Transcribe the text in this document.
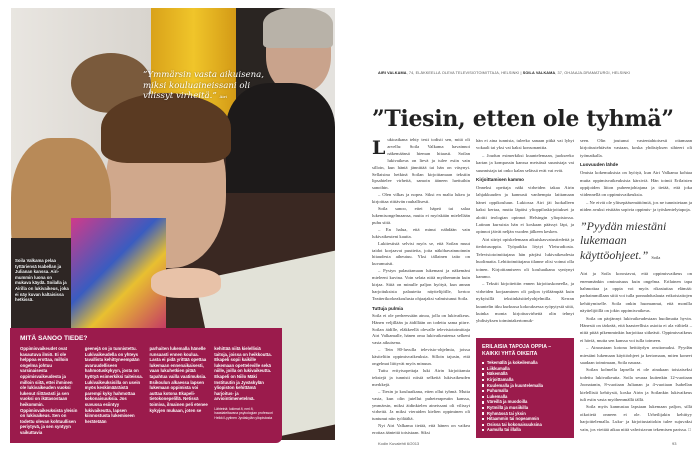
”Ymmärsin vasta aikuisena, miksi kouluaineissani oli vilissyt virheitä.” Airi
Soila Valkama pelaa tyttäriensä Isabellan ja Julianan kanssa. Airi-mummin luona on mukava käydä. Soilalla ja Airilla on lukivaikeus, joka ei näy kuvan kaltaisissa hetkissä.
MITÄ SANOO TIEDE?
Oppimisvaikeudet ovat kasautuva ilmiö. Ei ole helppoa erottaa, milloin ongelma johtuu varsinaisesta oppimisvaikeudesta ja milloin siitä, ettei ihminen ole lukivaikeuden vuoksi lukenut riittävästi ja sen vuoksi on ikätasostaan heikommin. Oppimisvaikeuksista yleisin on lukivaikeus. Sen on todettu olevan kohtuullisen periytyvä, ja sen syntyyn vaikuttavia
geenejä on jo tunnistettu. Lukivaikeudella on yhteys tavallista kehittyneempään avaruudelliseen hahmotuskykyyn, josta on hyötyä esimerkiksi taiteissa. Lukivaikeuksisilla on usein myös keskimääräistä parempi kyky hahmottaa kokonaisuuksia. Jos suvussa esiintyy lukivaikeutta, lapsen kiinnostusta lukemiseen herätetään
parhaiten lukemalla hänelle runsaasti ennen koulua. Lasta ei pidä yrittää opettaa lukemaan ennenaikaisesti, vaan lukuhetkien pitää tapahtua vailla vaatimuksia. Esikoulun alkaessa lapsen lukemaan oppimista voi auttaa kotona Ekapeli-tietokonepelillä. Netissä toimiva, ilmainen peli etenee kykyjen mukaan, joten se
kehittää niitä kielellisiä taitoja, joissa on heikkoutta. Ekapeli sopii kaikille lukemaan opetteleville sekä niille, joilla on lukivaikeutta. Ekapeli on Niilo Mäki Instituutin ja Jyväskylän yliopiston kehittämä harjoitus- ja arviointimenetelmä.
Lähteinä: lukimat.fi, nmi.fi, haastateltavana psykologian professori Heikki Lyytinen Jyväskylän yliopistosta
AIRI VALKAMA, 74, ELÄKKEELLÄ OLEVA TELEVISIOTOIMITTAJA, HELSINKI | SOILA VALKAMA, 37, OHJAAJA-DRAMATURGI, HELSINKI
”Tiesin, etten ole tyhmä”

Lukioaikana tehty testi todisti sen, mitä oli arvellu: Soila Valkama havainnoi näkemäänsä hieman hitaasti. Soilan lukivaikeus on lievä ja tulee esiin vain silloin, kun häntä jännittää tai hän on väsynyt. Sellaisina hetkinä Soilan kirjoittamaan tekstiin lipsahtelee virheitä, samoin ääneen luettuihin sanoihin.

– Olen vilkas ja nopea. Siksi en malta lukea ja kirjoittaa riittävän rauhallisesti.

Soila sanoo, ettei häpeä tai salaa lukemisongelmaansa, mutta ei myöskään mielellään puhu siitä.

– En halua, että minut nähdään vain lukivaikeuteni kautta.

Lukitestistä selvisi myös se, että Soilan muut taidot korjaavat puutteita, joita näköhavainnoinnin hitaudesta aiheutuu. Yksi tällainen taito on kuvamuisti.

– Pystyn palauttamaan lukemani ja näkemäni mieleeni kuvina. Voin selata niitä myöhemmin kuin kirjaa. Siitä on minulle paljon hyötyä, kun annan harjoituksista palautetta näyttelijöille, kertoo Teatterikorkeakoulusta ohjaajaksi valmistunut Soila.

Tuttuja pulmia

Soila ei ole perheessään ainoa, jolla on lukivaikeus. Hänen veljillään ja äidillään on todettu sama piirre. Soilan äidille, eläkkeellä olevalle televisiotoimittaja Airi Valkamalle, hänen oma lukivaikeutensa selkeni vasta aikuisena.

– Tein 80-luvulla televisio-ohjelmia, joissa käsiteltiin oppimisvaikeuksia. Silloin tajusin, että ongelmat liittyvät myös minuun.

Tuttu erityisopettaja luki Airin kirjoittamia tekstejä ja tunnisti niistä selkeitä lukivaikeuden merkkejä.

– Tiesin jo kouluaikana, etten ollut tyhmä. Mutta vasta, kun olin jutellut puheterapeutin kanssa, ymmärsin, miksi äidinkielen aineissani oli vilissyt virheitä. Ja miksi vieraiden kielten oppiminen oli tuntunut niin työläältä.

Nyt Airi Valkama tietää, että hänen on vaikea erottaa äänteitä toisistaan. Siksi

hän ei aina tunnista, tuleeko sanaan pitkä vai lyhyt vokaali tai yksi vai kaksi konsonanttia.

– Joudun esimerkiksi kuuntelemaan, juokseeko kartan ja kompassin kanssa metsässä suunistaja vai suunnistaja tai onko kalan selässä evät vai evät.

Kirjoittamisen kammo

Onneksi opettaja näki virheiden takaa Airin lahjakkuuden ja kannusti vanhempia laittamaan hänet oppikouluun. Lukiossa Airi jäi luokalleen kaksi kertaa, mutta läpäisi ylioppilaskirjoitukset ja aloitti teologian opinnot Helsingin yliopistossa. Latinan kurssista hän ei koskaan päässyt läpi, ja opinnot jäivät neljän vuoden jälkeen kesken.

Airi siirtyi opiskelemaan aikuiskasvatustiedettä ja tiedotusoppia. Työpaikka löytyi Yleisradiosta. Televisiotoimittajana hän pärjäsi lukivaikeudesta huolimatta. Lehtitoimittajana tilanne olisi voinut olla toinen. Kirjoittamiseen oli kouluaikana syntynyt kammo.

– Tekstit kirjoitettiin ennen kirjoituskoneella, ja virheiden korjaaminen oli paljon työläämpää kuin nykyisillä tekstinkäsittelyohjelmilla. Kerran kuuntelin itku kurkussa kokouksessa ryöpytystä siitä, kuinka monta kirjoitusvirhettä olin tehnyt yhdistyksen toimintakertomuk-

ERILAISIA TAPOJA OPPIA – KAIKKI YHTÄ OIKEITA
Tekemällä ja kokeilemalla
Liikkumalla
Näkemällä
Kirjoittamalla
Kuulemalla ja kuuntelemalla
Puhumalla
Lukemalla
Väreillä ja muodoilla
Rytmillä ja musiikilla
Ryhmässä tai yksin
Hitaammin tai nopeammin
Osissa tai kokonaisuuksina
Aamulla tai illalla

seen. Olin joutunut vastentahtoisesti ottamaan kirjoitustehtävän vastaan, koska yhdistyksen sihteeri oli työmatkalla.

Luovuuden lähde

Omista kokemuksista on hyötyä, kun Airi Valkama kohtaa muita oppimisvaikeuksista kärsiviä. Hän toimii Erilaisten oppijoiden liiton puheenjohtajana ja tietää, että joka viidennellä on oppimisvaikeuksia.

– Ne eivät ole ylitsepääsemättömiä, jos ne tunnistetaan ja niiden avuksi etsitään sopivia oppimis- ja työskentelytapoja.

”Pyydän miestäni lukemaan käyttöohjeet.” Soila

Airi ja Soila korostavat, että oppimisvaikeus on enemmänkin ominaisuus kuin ongelma. Erilainen tapa hahmottaa ja oppia voi myös rikastuttaa elämää: parhaimmillaan siitä voi tulla ponnahduslauta erikoistaitojen kehittymiselle. Soila onkin huomannut, että monilla näyttelijöillä on jokin oppimisvaikeus.

Soila on pärjännyt lukivaikeudestaan huolimatta hyvin. Hänestä on tärkeää, että haasteellisia asioita ei ala välttelä – niitä pitää pikemminkin harjoittaa sitkeästi. Oppimisvaikeus ei häviä, mutta sen kanssa voi tulla toimeen.

– Ainoastaan kotona heittäydyn avuttomaksi. Pyydän miestäni lukemaan käyttöohjeet ja kertomaan, miten koneet saadaan toimimaan, Soila nauraa.

Soilan kolmella lapsella ei ole ainakaan toistaiseksi todettu lukivaikeutta. Soila seuraa kuitenkin 12-vuotiaan Joonatanin, 8-vuotiaan Julianan ja 4-vuotiaan Isabellan kielellistä kehitystä, koska Airin ja Soilankin lukivaikeus tuli esiin vasta myöhemmällä iällä.

Soila myös kannustaa lapsiaan lukemaan paljon, sillä oikotietä onneen ei ole. Urheilijakin kehittyy harjoittelemalla. Luku- ja kirjoitustaitokin tulee sujuvaksi vain, jos viettää aikaa niitä vahvistavan tekemisen parissa. □

Kodin Kuvalehti 6/2013	93
